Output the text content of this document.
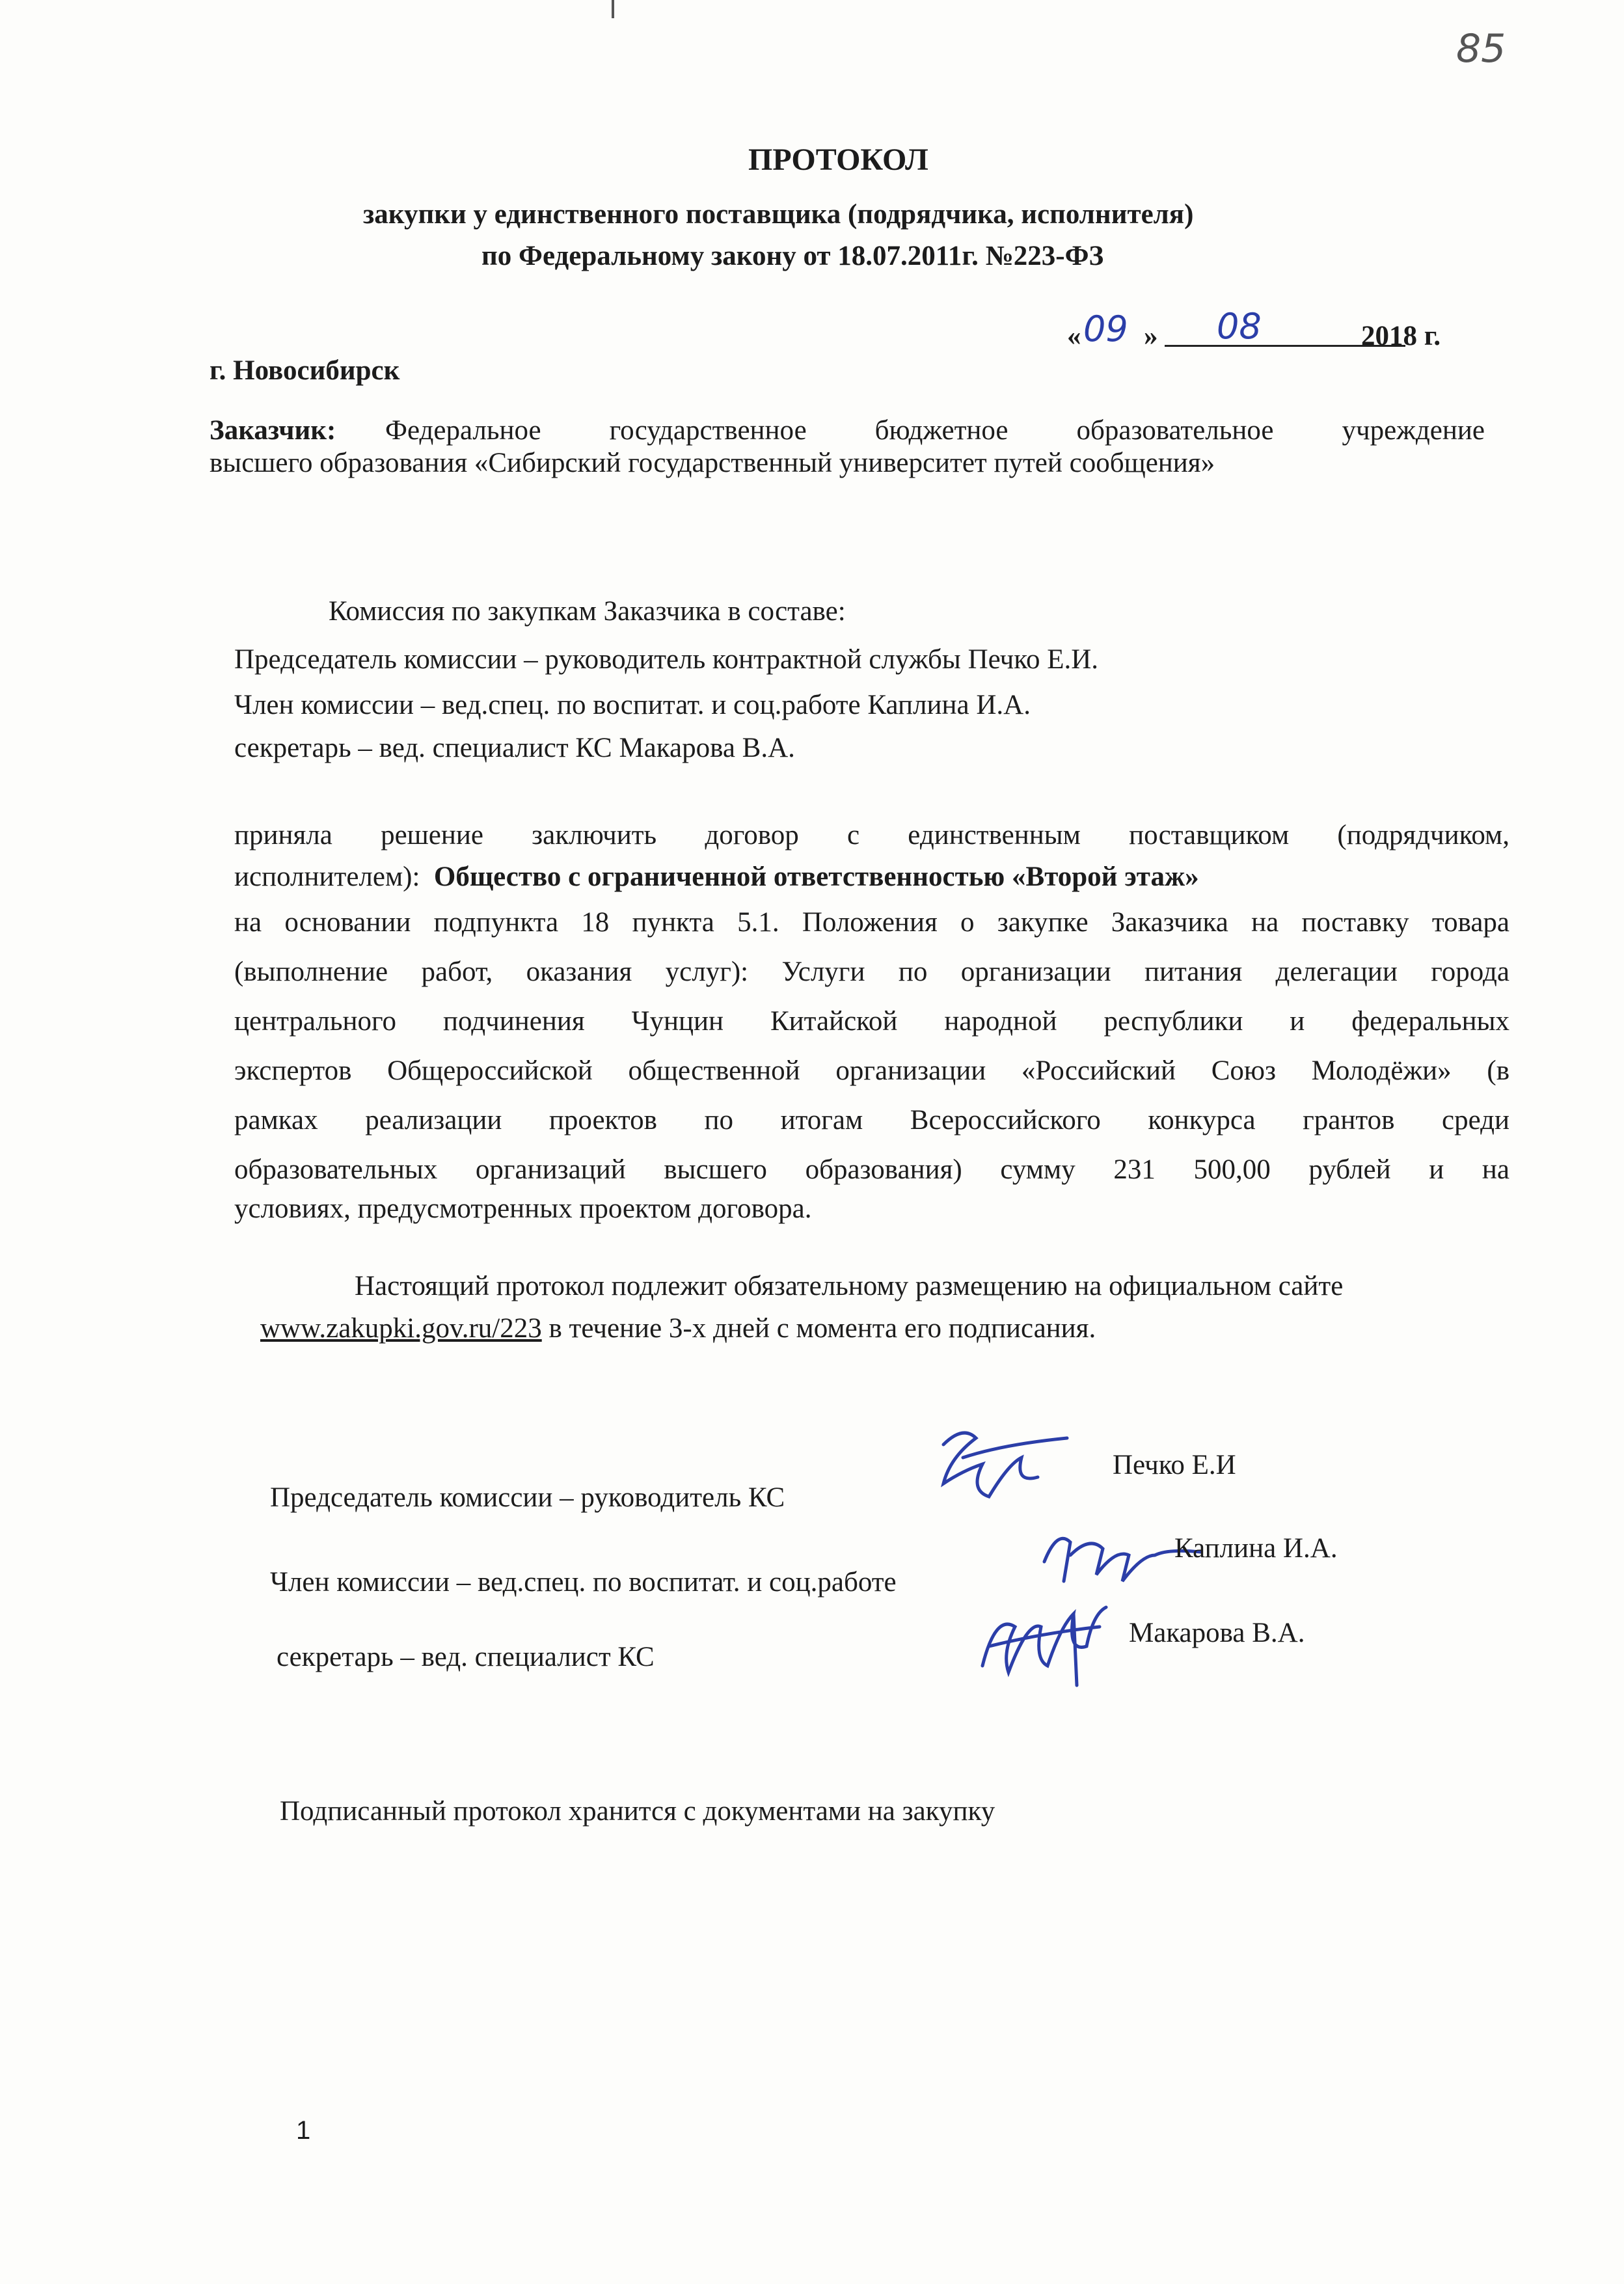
85
ПРОТОКОЛ
закупки у единственного поставщика (подрядчика, исполнителя)
по Федеральному закону от 18.07.2011г. №223-ФЗ
« 09 » 08	2018 г.
г. Новосибирск
Заказчик: Федеральное государственное бюджетное образовательное учреждение
высшего образования «Сибирский государственный университет путей сообщения»
Комиссия по закупкам Заказчика в составе:
Председатель комиссии – руководитель контрактной службы Печко Е.И.
Член комиссии – вед.спец. по воспитат. и соц.работе Каплина И.А.
секретарь – вед. специалист КС Макарова В.А.
приняла решение заключить договор с единственным поставщиком (подрядчиком,
исполнителем): Общество с ограниченной ответственностью «Второй этаж»
на основании подпункта 18 пункта 5.1. Положения о закупке Заказчика на поставку товара
(выполнение работ, оказания услуг): Услуги по организации питания делегации города
центрального подчинения Чунцин Китайской народной республики и федеральных
экспертов Общероссийской общественной организации «Российский Союз Молодёжи» (в
рамках реализации проектов по итогам Всероссийского конкурса грантов среди
образовательных организаций высшего образования) сумму 231 500,00 рублей и на
условиях, предусмотренных проектом договора.
Настоящий протокол подлежит обязательному размещению на официальном сайте
www.zakupki.gov.ru/223 в течение 3-х дней с момента его подписания.
Председатель комиссии – руководитель КС
Печко Е.И
Член комиссии – вед.спец. по воспитат. и соц.работе
Каплина И.А.
секретарь – вед. специалист КС
Макарова В.А.
Подписанный протокол хранится с документами на закупку
1
